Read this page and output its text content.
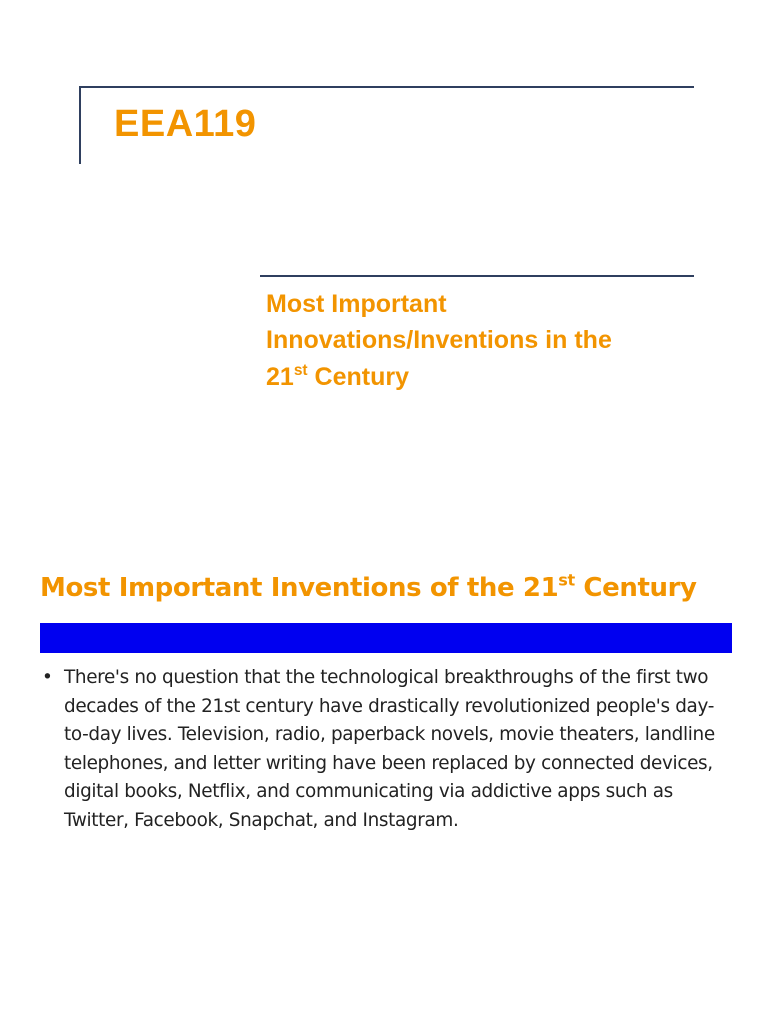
EEA119
Most Important
Innovations/Inventions in the
21st Century
Most Important Inventions of the 21st Century
• There's no question that the technological breakthroughs of the first two decades of the 21st century have drastically revolutionized people's day-to-day lives. Television, radio, paperback novels, movie theaters, landline telephones, and letter writing have been replaced by connected devices, digital books, Netflix, and communicating via addictive apps such as Twitter, Facebook, Snapchat, and Instagram.
